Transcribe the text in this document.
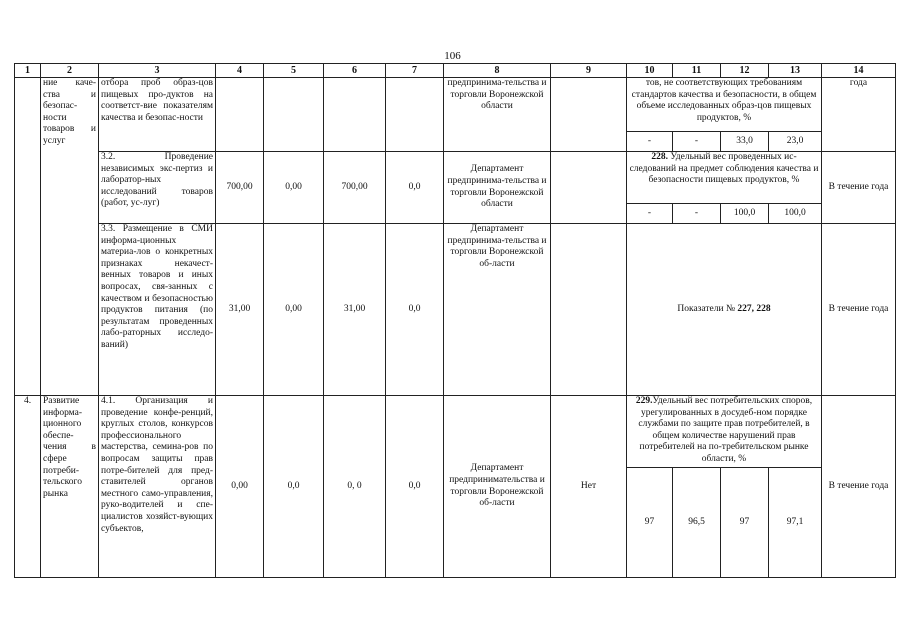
106
1	2	3	4	5	6	7	8	9	10	11	12	13	14
	ние каче-ства и безопас-ности товаров и услуг	отбора проб образ-цов пищевых про-дуктов на соответст-вие показателям качества и безопас-ности					предпринима-тельства и торговли Воронежской области		тов, не соответствующих требованиям стандартов качества и безопасности, в общем объеме исследованных образ-цов пищевых продуктов, %				года
									-	-	33,0	23,0	
		3.2. Проведение независимых экс-пертиз и лаборатор-ных исследований товаров (работ, ус-луг)	700,00	0,00	700,00	0,0	Департамент предпринима-тельства и торговли Воронежской области		228. Удельный вес проведенных ис-следований на предмет соблюдения качества и безопасности пищевых продуктов, %				В течение года
									-	-	100,0	100,0	
		3.3. Размещение в СМИ информа-ционных материа-лов о конкретных признаках некачест-венных товаров и иных вопросах, свя-занных с качеством и безопасностью продуктов питания (по результатам проведенных лабо-раторных исследо-ваний)	31,00	0,00	31,00	0,0	Департамент предпринима-тельства и торговли Воронежской об-ласти		Показатели № 227, 228				В течение года
4.	Развитие информа-ционного обеспе-чения в сфере потреби-тельского рынка	4.1. Организация и проведение конфе-ренций, круглых столов, конкурсов профессионального мастерства, семина-ров по вопросам защиты прав потре-бителей для пред-ставителей органов местного само-управления, руко-водителей и спе-циалистов хозяйст-вующих субъектов,	0,00	0,0	0, 0	0,0	Департамент предпринимательства и торговли Воронежской об-ласти	Нет	229.Удельный вес потребительских споров, урегулированных в досудеб-ном порядке службами по защите прав потребителей, в общем количестве нарушений прав потребителей на по-требительском рынке области, %				В течение года
									97	96,5	97	97,1	
